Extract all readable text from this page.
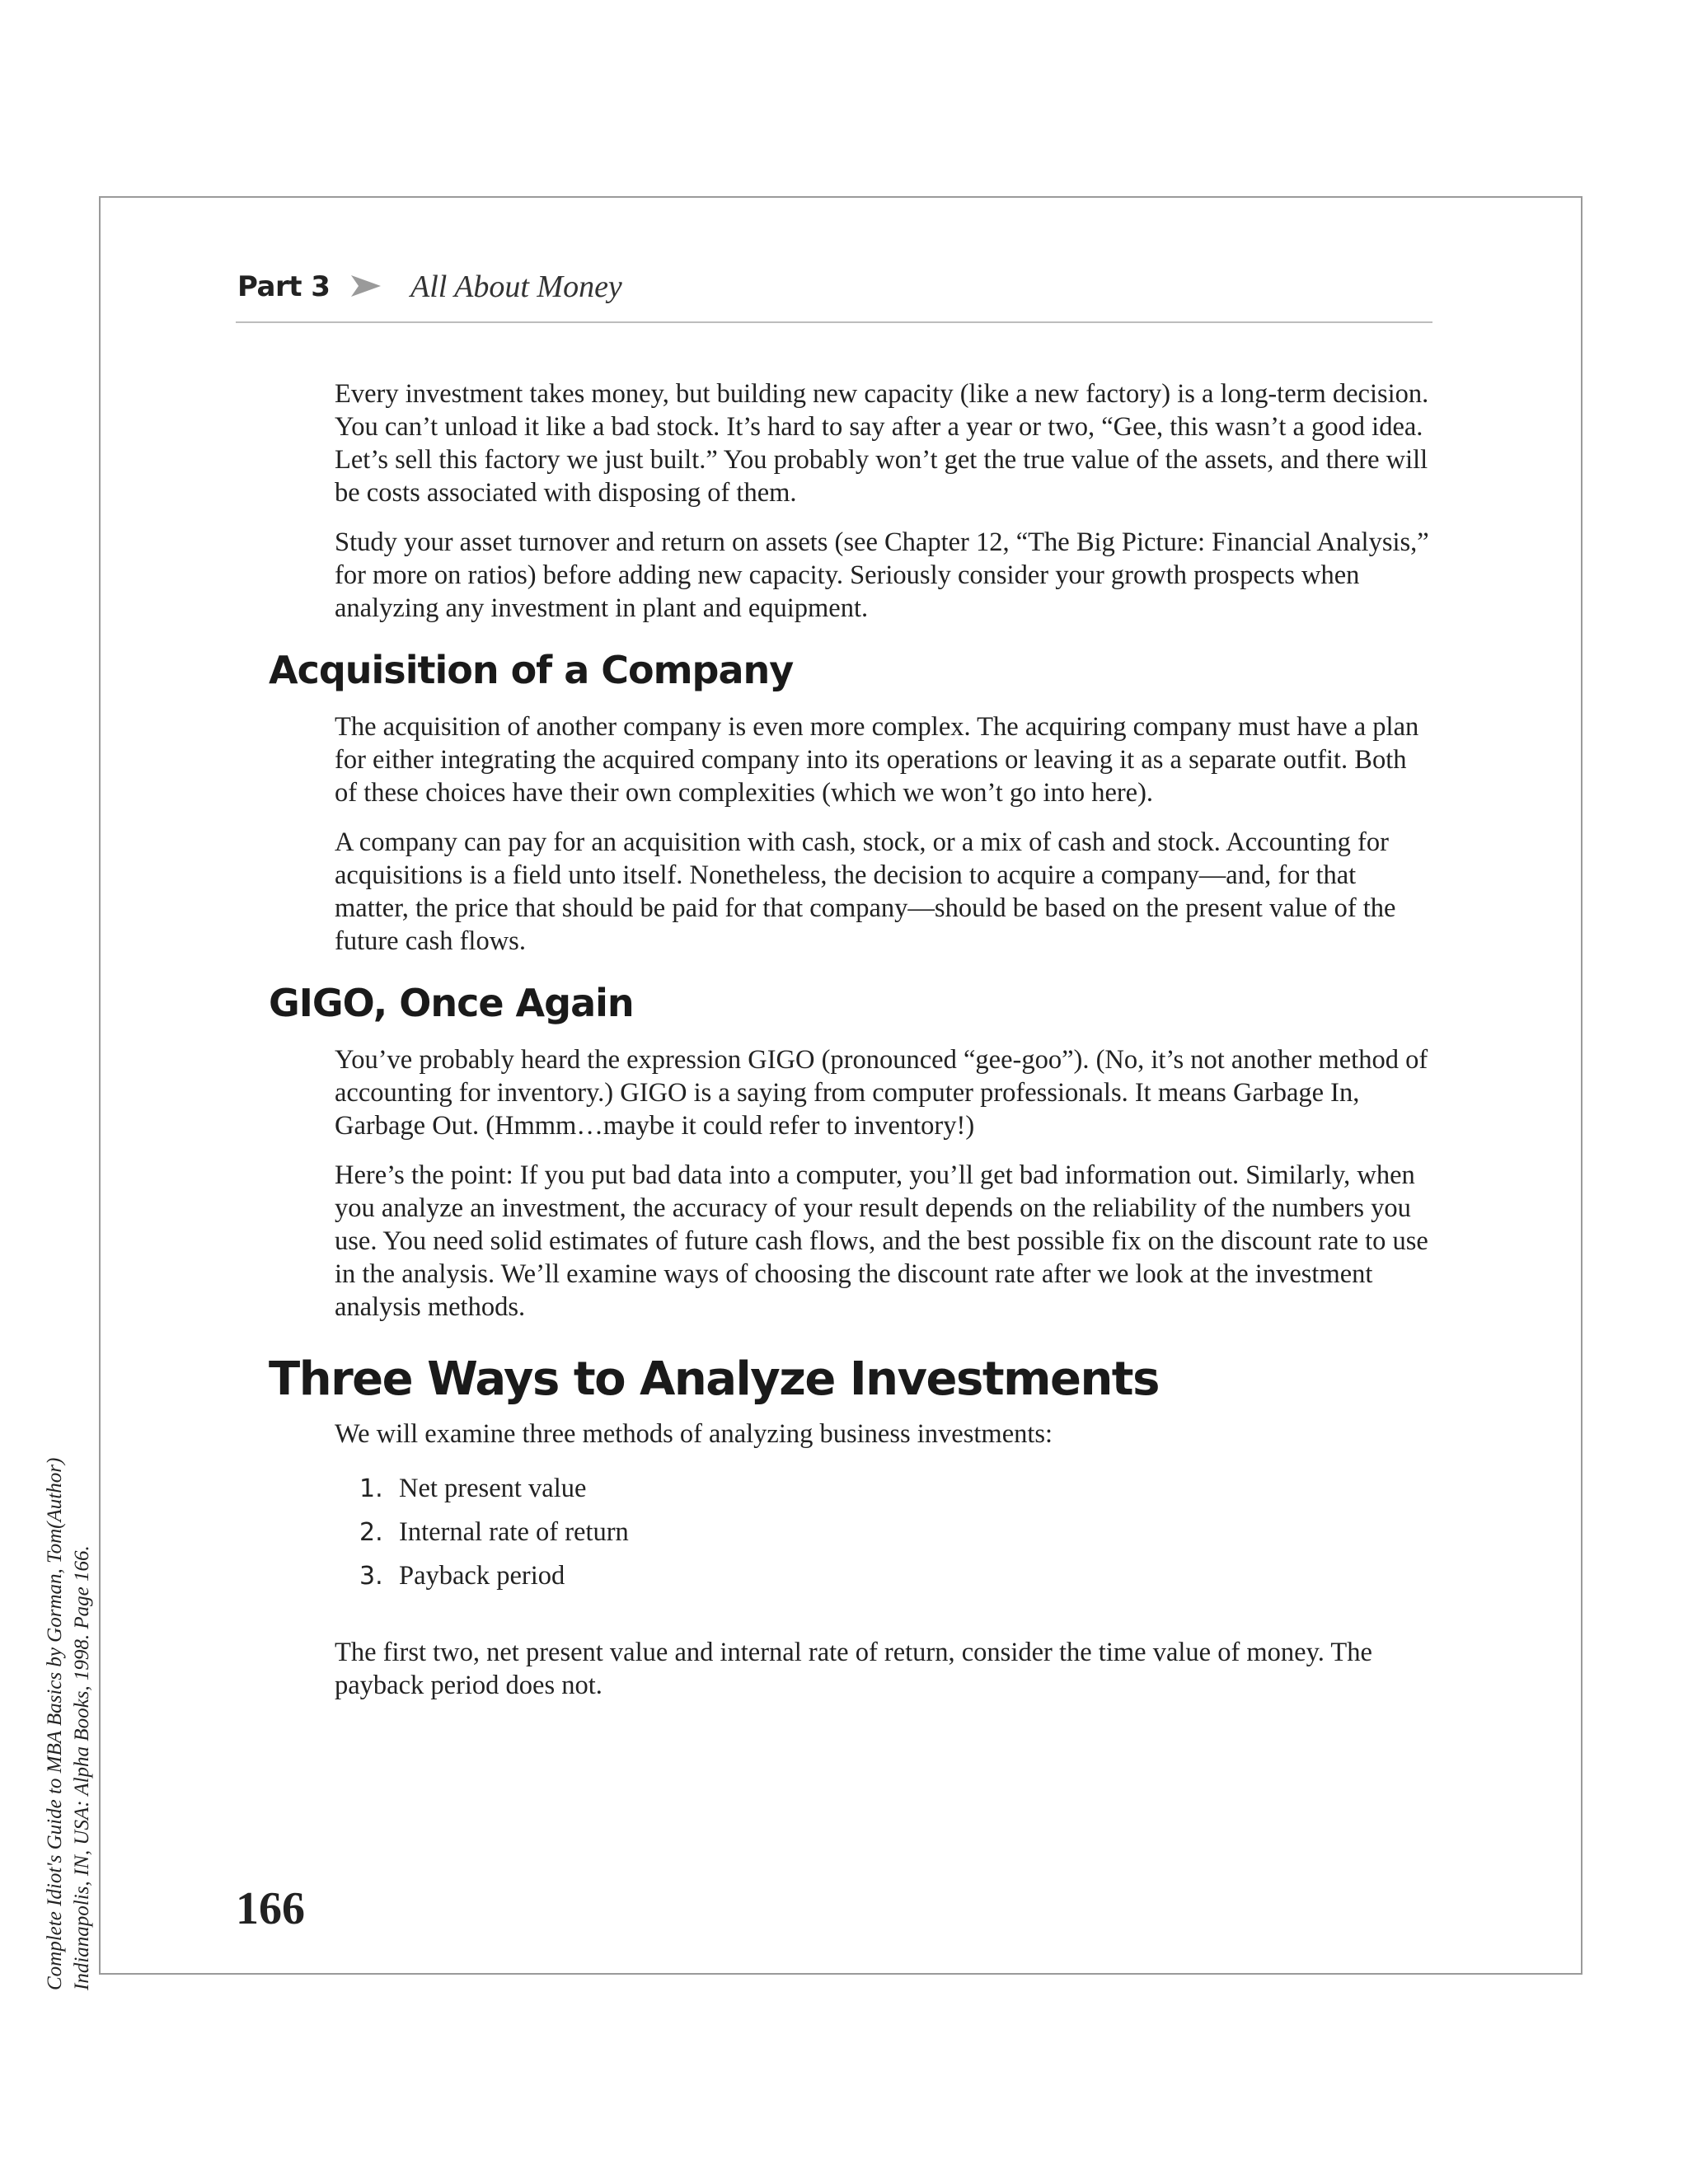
Complete Idiot's Guide to MBA Basics by Gorman, Tom(Author) Indianapolis, IN, USA: Alpha Books, 1998. Page 166.
Part 3	All About Money

Every investment takes money, but building new capacity (like a new factory) is a long-term decision. You can’t unload it like a bad stock. It’s hard to say after a year or two, “Gee, this wasn’t a good idea. Let’s sell this factory we just built.” You probably won’t get the true value of the assets, and there will be costs associated with disposing of them.

Study your asset turnover and return on assets (see Chapter 12, “The Big Picture: Financial Analysis,” for more on ratios) before adding new capacity. Seriously consider your growth prospects when analyzing any investment in plant and equipment.

Acquisition of a Company

The acquisition of another company is even more complex. The acquiring company must have a plan for either integrating the acquired company into its operations or leaving it as a separate outfit. Both of these choices have their own complexities (which we won’t go into here).

A company can pay for an acquisition with cash, stock, or a mix of cash and stock. Accounting for acquisitions is a field unto itself. Nonetheless, the decision to acquire a company—and, for that matter, the price that should be paid for that company—should be based on the present value of the future cash flows.

GIGO, Once Again

You’ve probably heard the expression GIGO (pronounced “gee-goo”). (No, it’s not another method of accounting for inventory.) GIGO is a saying from computer professionals. It means Garbage In, Garbage Out. (Hmmm…maybe it could refer to inventory!)

Here’s the point: If you put bad data into a computer, you’ll get bad information out. Similarly, when you analyze an investment, the accuracy of your result depends on the reliability of the numbers you use. You need solid estimates of future cash flows, and the best possible fix on the discount rate to use in the analysis. We’ll examine ways of choosing the discount rate after we look at the investment analysis methods.

Three Ways to Analyze Investments

We will examine three methods of analyzing business investments:

1. Net present value
2. Internal rate of return
3. Payback period

The first two, net present value and internal rate of return, consider the time value of money. The payback period does not.

166
